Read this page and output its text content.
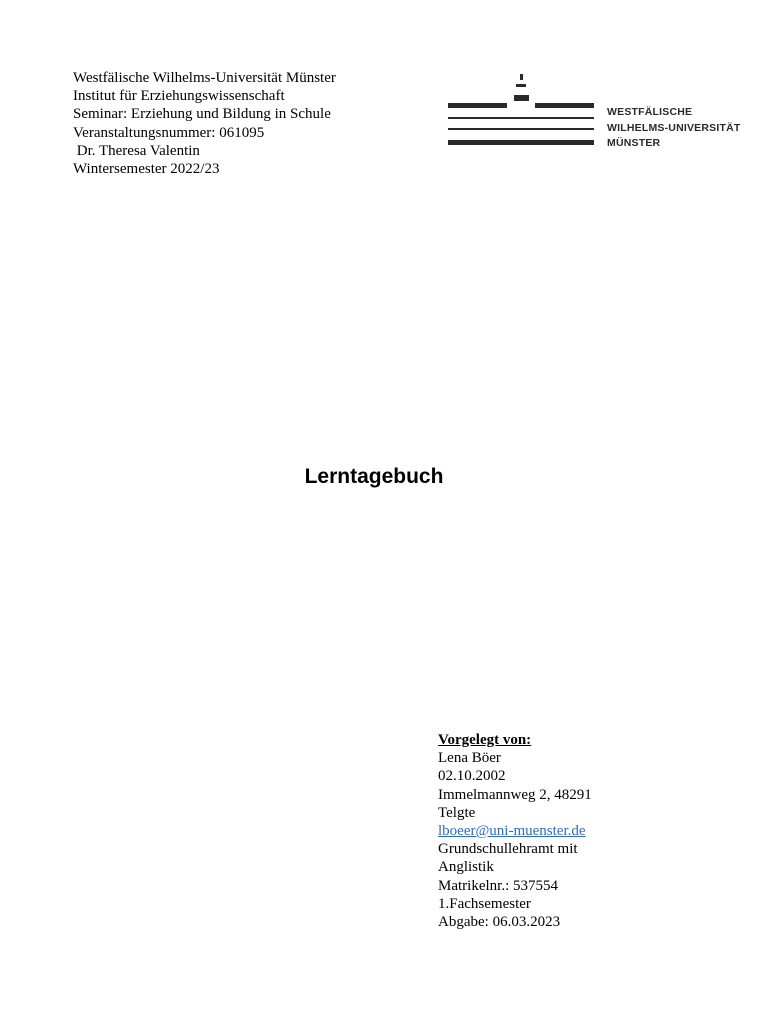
Westfälische Wilhelms-Universität Münster
Institut für Erziehungswissenschaft
Seminar: Erziehung und Bildung in Schule
Veranstaltungsnummer: 061095
Dr. Theresa Valentin
Wintersemester 2022/23
WESTFÄLISCHE
WILHELMS-UNIVERSITÄT
MÜNSTER
Lerntagebuch
Vorgelegt von:
Lena Böer
02.10.2002
Immelmannweg 2, 48291
Telgte
lboeer@uni-muenster.de
Grundschullehramt mit
Anglistik
Matrikelnr.: 537554
1.Fachsemester
Abgabe: 06.03.2023
